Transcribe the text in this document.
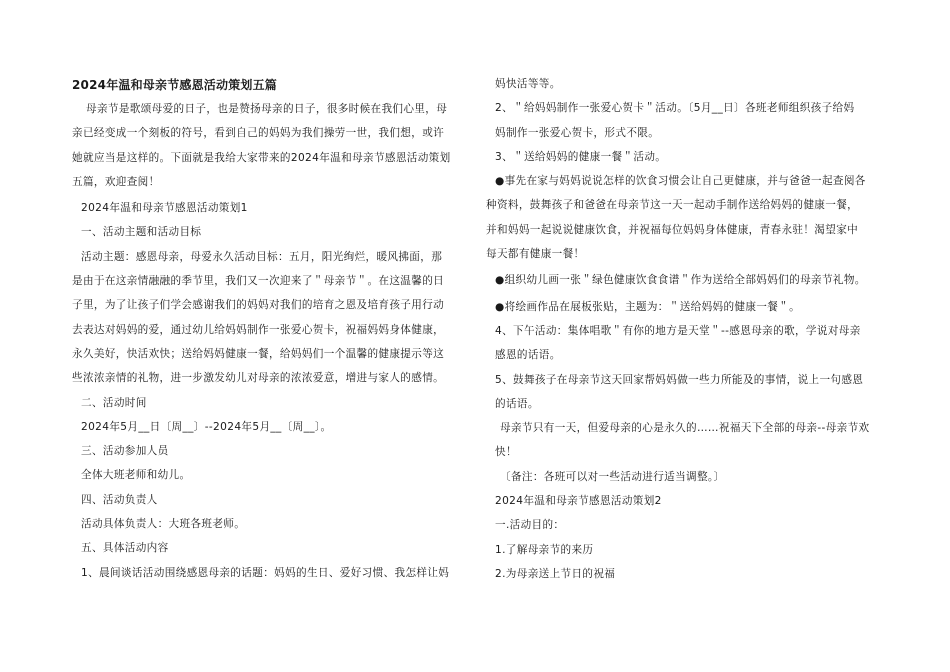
2024年温和母亲节感恩活动策划五篇

母亲节是歌颂母爱的日子，也是赞扬母亲的日子，很多时候在我们心里，母

亲已经变成一个刻板的符号，看到自己的妈妈为我们操劳一世，我们想，或许

她就应当是这样的。下面就是我给大家带来的2024年温和母亲节感恩活动策划

五篇，欢迎查阅！

2024年温和母亲节感恩活动策划1

一、活动主题和活动目标

活动主题：感恩母亲，母爱永久活动目标：五月，阳光绚烂，暖风拂面，那

是由于在这亲情融融的季节里，我们又一次迎来了＂母亲节＂。在这温馨的日

子里，为了让孩子们学会感谢我们的妈妈对我们的培育之恩及培育孩子用行动

去表达对妈妈的爱，通过幼儿给妈妈制作一张爱心贺卡，祝福妈妈身体健康，

永久美好，快活欢快；送给妈妈健康一餐，给妈妈们一个温馨的健康提示等这

些浓浓亲情的礼物，进一步激发幼儿对母亲的浓浓爱意，增进与家人的感情。

二、活动时间

2024年5月__日〔周__〕--2024年5月__〔周__〕。

三、活动参加人员

全体大班老师和幼儿。

四、活动负责人

活动具体负责人：大班各班老师。

五、具体活动内容

1、晨间谈话活动围绕感恩母亲的话题：妈妈的生日、爱好习惯、我怎样让妈

妈快活等等。

2、＂给妈妈制作一张爱心贺卡＂活动。〔5月__日〕各班老师组织孩子给妈

妈制作一张爱心贺卡，形式不限。

3、＂送给妈妈的健康一餐＂活动。

●事先在家与妈妈说说怎样的饮食习惯会让自己更健康，并与爸爸一起查阅各

种资料，鼓舞孩子和爸爸在母亲节这一天一起动手制作送给妈妈的健康一餐，

并和妈妈一起说说健康饮食，并祝福每位妈妈身体健康，青春永驻！渴望家中

每天都有健康一餐！

●组织幼儿画一张＂绿色健康饮食食谱＂作为送给全部妈妈们的母亲节礼物。

●将绘画作品在展板张贴，主题为：＂送给妈妈的健康一餐＂。

4、下午活动：集体唱歌＂有你的地方是天堂＂--感恩母亲的歌，学说对母亲

感恩的话语。

5、鼓舞孩子在母亲节这天回家帮妈妈做一些力所能及的事情，说上一句感恩

的话语。

母亲节只有一天，但爱母亲的心是永久的……祝福天下全部的母亲--母亲节欢

快！

〔备注：各班可以对一些活动进行适当调整。〕

2024年温和母亲节感恩活动策划2

一.活动目的：

1.了解母亲节的来历

2.为母亲送上节日的祝福
